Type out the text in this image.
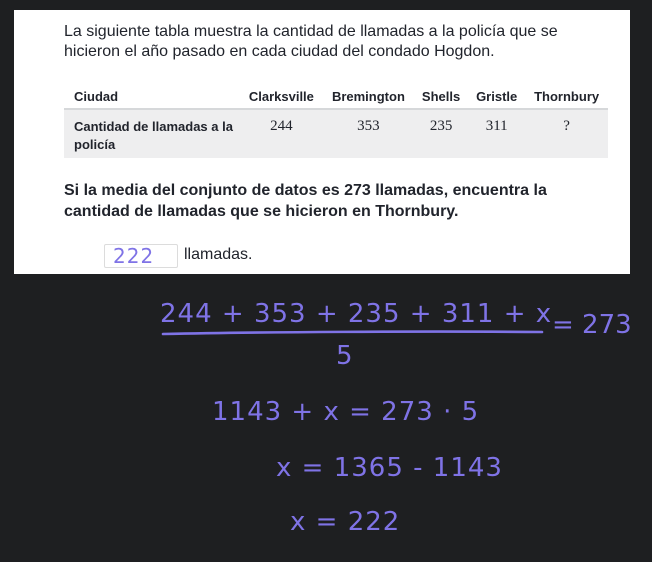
La siguiente tabla muestra la cantidad de llamadas a la policía que se hicieron el año pasado en cada ciudad del condado Hogdon.
Ciudad	Clarksville	Bremington	Shells	Gristle	Thornbury
Cantidad de llamadas a la policía	244	353	235	311	?
Si la media del conjunto de datos es 273 llamadas, encuentra la cantidad de llamadas que se hicieron en Thornbury.
222 llamadas.
244 + 353 + 235 + 311 + x
5
= 273
1143 + x = 273 · 5
x = 1365 - 1143
x = 222
